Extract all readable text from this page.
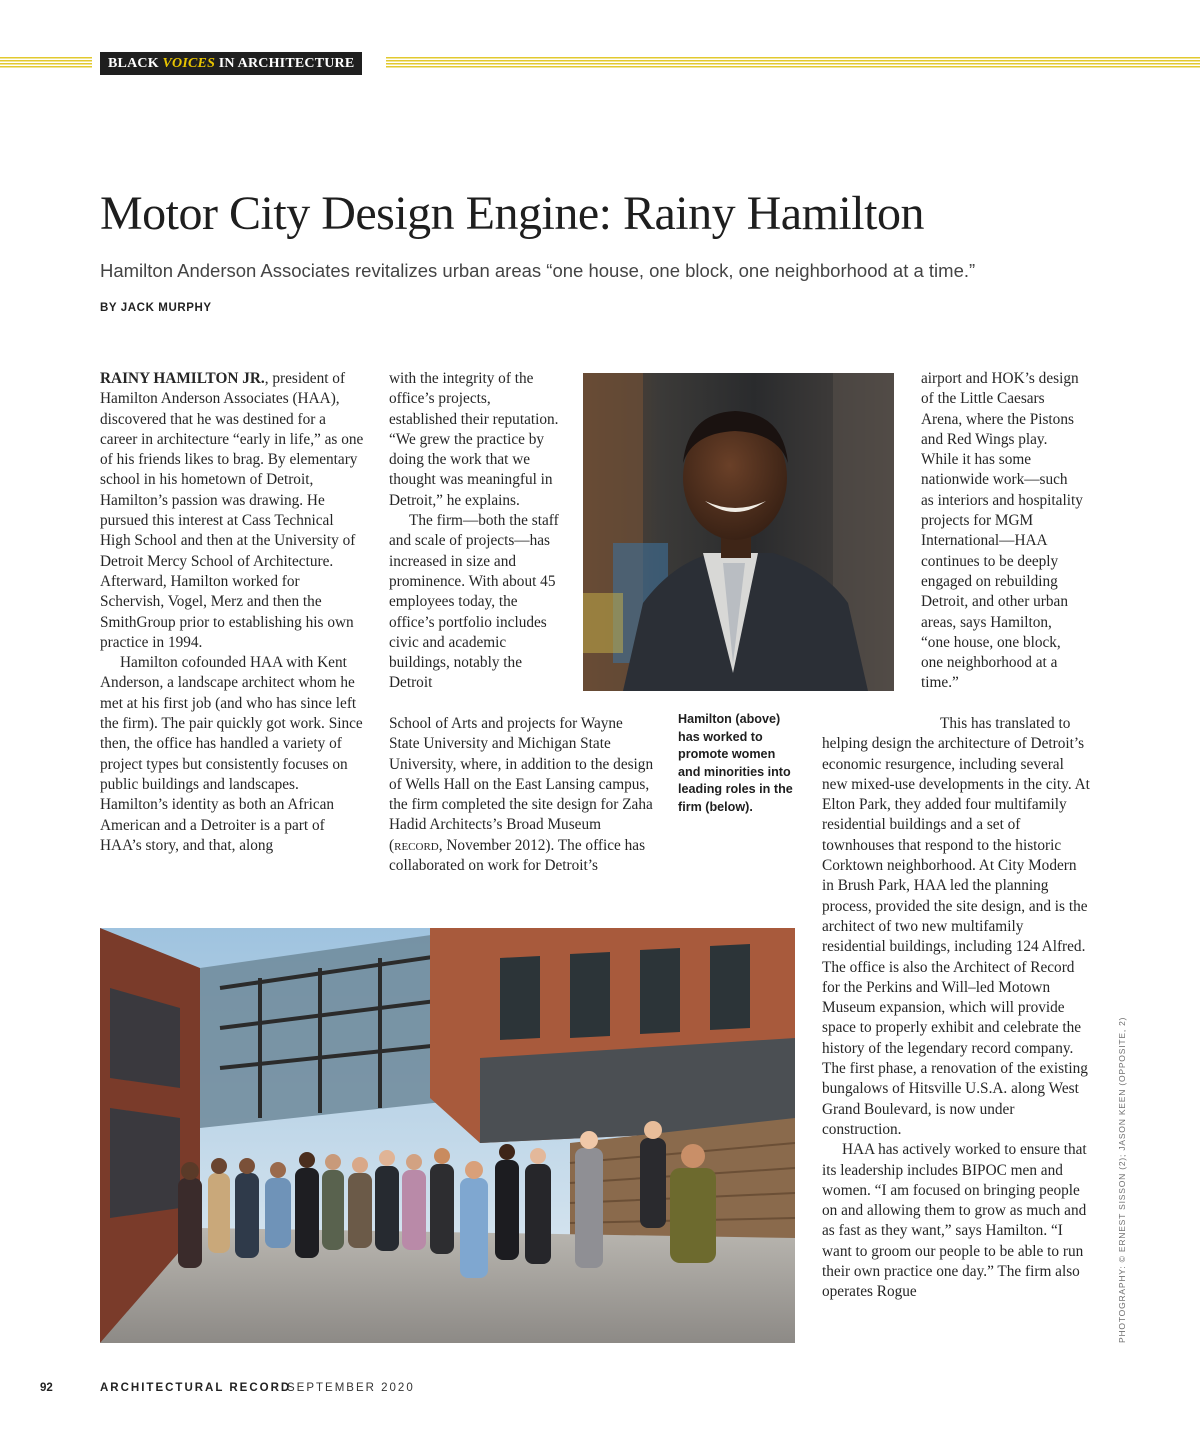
BLACK VOICES IN ARCHITECTURE
Motor City Design Engine: Rainy Hamilton
Hamilton Anderson Associates revitalizes urban areas “one house, one block, one neighborhood at a time.”
BY JACK MURPHY

RAINY HAMILTON JR., president of Hamilton Anderson Associates (HAA), discovered that he was destined for a career in architecture “early in life,” as one of his friends likes to brag. By elementary school in his hometown of Detroit, Hamilton’s passion was drawing. He pursued this interest at Cass Technical High School and then at the University of Detroit Mercy School of Architecture. Afterward, Hamilton worked for Schervish, Vogel, Merz and then the SmithGroup prior to establishing his own practice in 1994.

Hamilton cofounded HAA with Kent Anderson, a landscape architect whom he met at his first job (and who has since left the firm). The pair quickly got work. Since then, the office has handled a variety of project types but consistently focuses on public buildings and landscapes. Hamilton’s identity as both an African American and a Detroiter is a part of HAA’s story, and that, along

with the integrity of the office’s projects, established their reputation. “We grew the practice by doing the work that we thought was meaningful in Detroit,” he explains.

The firm—both the staff and scale of projects—has increased in size and prominence. With about 45 employees today, the office’s portfolio includes civic and academic buildings, notably the Detroit

School of Arts and projects for Wayne State University and Michigan State University, where, in addition to the design of Wells Hall on the East Lansing campus, the firm completed the site design for Zaha Hadid Architects’s Broad Museum (record, November 2012). The office has collaborated on work for Detroit’s

Hamilton (above) has worked to promote women and minorities into leading roles in the firm (below).

airport and HOK’s design of the Little Caesars Arena, where the Pistons and Red Wings play. While it has some nationwide work—such as interiors and hospitality projects for MGM International—HAA continues to be deeply engaged on rebuilding Detroit, and other urban areas, says Hamilton, “one house, one block, one neighborhood at a time.”

This has translated to helping design the architecture of Detroit’s economic resurgence, including several new mixed-use developments in the city. At Elton Park, they added four multifamily residential buildings and a set of townhouses that respond to the historic Corktown neighborhood. At City Modern in Brush Park, HAA led the planning process, provided the site design, and is the architect of two new multifamily residential buildings, including 124 Alfred. The office is also the Architect of Record for the Perkins and Will–led Motown Museum expansion, which will provide space to properly exhibit and celebrate the history of the legendary record company. The first phase, a renovation of the existing bungalows of Hitsville U.S.A. along West Grand Boulevard, is now under construction.

HAA has actively worked to ensure that its leadership includes BIPOC men and women. “I am focused on bringing people on and allowing them to grow as much and as fast as they want,” says Hamilton. “I want to groom our people to be able to run their own practice one day.” The firm also operates Rogue	PHOTOGRAPHY: © ERNEST SISSON (2); JASON KEEN (OPPOSITE, 2)
92	ARCHITECTURAL RECORD
SEPTEMBER 2020
